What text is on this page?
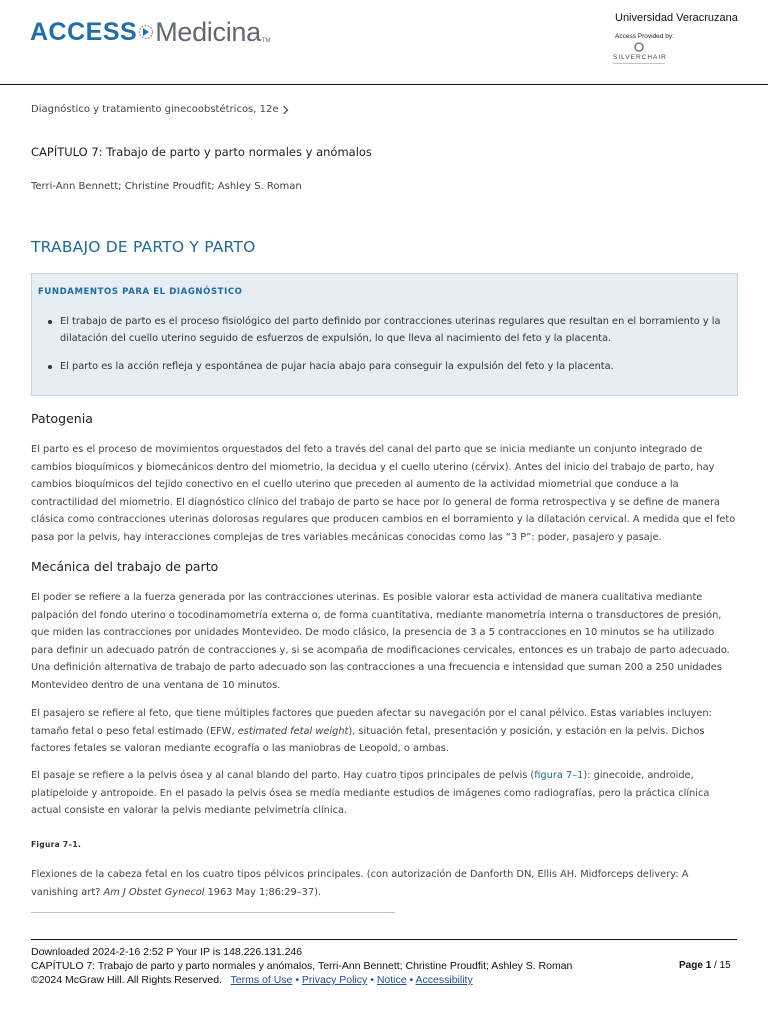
ACCESS Medicina TM
Universidad Veracruzana
Access Provided by:
SILVERCHAIR
Diagnóstico y tratamiento ginecoobstétricos, 12e
CAPÍTULO 7: Trabajo de parto y parto normales y anómalos
Terri-Ann Bennett; Christine Proudfit; Ashley S. Roman
TRABAJO DE PARTO Y PARTO
FUNDAMENTOS PARA EL DIAGNÓSTICO
El trabajo de parto es el proceso fisiológico del parto definido por contracciones uterinas regulares que resultan en el borramiento y la dilatación del cuello uterino seguido de esfuerzos de expulsión, lo que lleva al nacimiento del feto y la placenta.
El parto es la acción refleja y espontánea de pujar hacia abajo para conseguir la expulsión del feto y la placenta.
Patogenia
El parto es el proceso de movimientos orquestados del feto a través del canal del parto que se inicia mediante un conjunto integrado de cambios bioquímicos y biomecánicos dentro del miometrio, la decidua y el cuello uterino (cérvix). Antes del inicio del trabajo de parto, hay cambios bioquímicos del tejido conectivo en el cuello uterino que preceden al aumento de la actividad miometrial que conduce a la contractilidad del miometrio. El diagnóstico clínico del trabajo de parto se hace por lo general de forma retrospectiva y se define de manera clásica como contracciones uterinas dolorosas regulares que producen cambios en el borramiento y la dilatación cervical. A medida que el feto pasa por la pelvis, hay interacciones complejas de tres variables mecánicas conocidas como las “3 P”: poder, pasajero y pasaje.
Mecánica del trabajo de parto
El poder se refiere a la fuerza generada por las contracciones uterinas. Es posible valorar esta actividad de manera cualitativa mediante palpación del fondo uterino o tocodinamometría externa o, de forma cuantitativa, mediante manometría interna o transductores de presión, que miden las contracciones por unidades Montevideo. De modo clásico, la presencia de 3 a 5 contracciones en 10 minutos se ha utilizado para definir un adecuado patrón de contracciones y, si se acompaña de modificaciones cervicales, entonces es un trabajo de parto adecuado. Una definición alternativa de trabajo de parto adecuado son las contracciones a una frecuencia e intensidad que suman 200 a 250 unidades Montevideo dentro de una ventana de 10 minutos.
El pasajero se refiere al feto, que tiene múltiples factores que pueden afectar su navegación por el canal pélvico. Estas variables incluyen: tamaño fetal o peso fetal estimado (EFW, estimated fetal weight), situación fetal, presentación y posición, y estación en la pelvis. Dichos factores fetales se valoran mediante ecografía o las maniobras de Leopold, o ambas.
El pasaje se refiere a la pelvis ósea y al canal blando del parto. Hay cuatro tipos principales de pelvis (figura 7–1): ginecoide, androide, platipeloide y antropoide. En el pasado la pelvis ósea se medía mediante estudios de imágenes como radiografías, pero la práctica clínica actual consiste en valorar la pelvis mediante pelvimetría clínica.
Figura 7–1.
Flexiones de la cabeza fetal en los cuatro tipos pélvicos principales. (con autorización de Danforth DN, Ellis AH. Midforceps delivery: A vanishing art? Am J Obstet Gynecol 1963 May 1;86:29–37).
Downloaded 2024-2-16 2:52 P Your IP is 148.226.131.246
CAPÍTULO 7: Trabajo de parto y parto normales y anómalos, Terri-Ann Bennett; Christine Proudfit; Ashley S. Roman
©2024 McGraw Hill. All Rights Reserved. Terms of Use • Privacy Policy • Notice • Accessibility
Page 1 / 15
